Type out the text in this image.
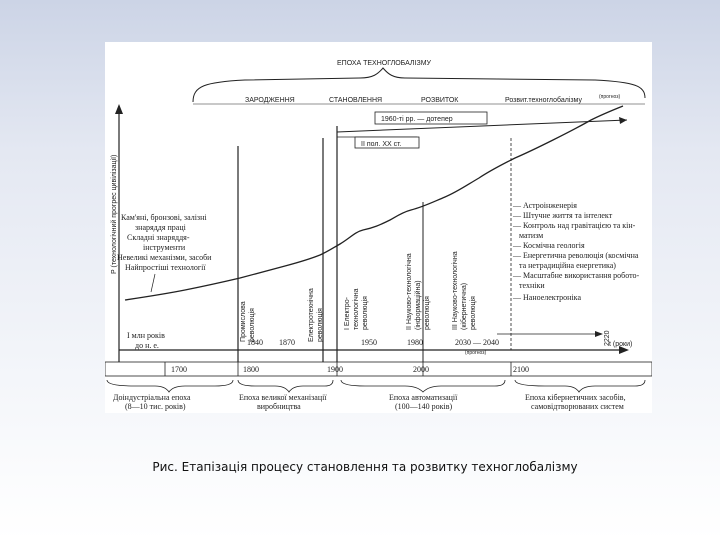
ЕПОХА ТЕХНОГЛОБАЛІЗМУ
ЗАРОДЖЕННЯ	СТАНОВЛЕННЯ	РОЗВИТОК	Розвит.техноглобалізму	(прогноз)
1960-ті рр. — дотепер
II пол. XX ст.
P (технологічний прогрес цивілізації)
t (роки)
Кам'яні, бронзові, залізні
знаряддя праці
Складні знаряддя-
інструменти
Невеликі механізми, засоби
Найпростіші технології
І млн років
до н. е.
Промислова революція	Електротехнічна революція	І Електро- технологічна революція	II Науково-технологічна (інформаційна) революція	III Науково-технологічна (кібернетична) революція
— Астроінженерія
— Штучне життя та інтелект
— Контроль над гравітацією та кін-
матизм
— Космічна геологія
— Енергетична революція (космічна
та нетрадиційна енергетика)
— Масштабне використання робото-
техніки
— Наноелектроніка
1840 1870	1950	1980	2030 — 2040
(прогноз)
2220
1700	1800	1900	2000	2100
Доіндустріальна епоха
(8—10 тис. років)
Епоха великої механізації
виробництва
Епоха автоматизації
(100—140 років)
Епоха кібернетичних засобів,
самовідтворюваних систем
Рис. Етапізація процесу становлення та розвитку техноглобалізму
